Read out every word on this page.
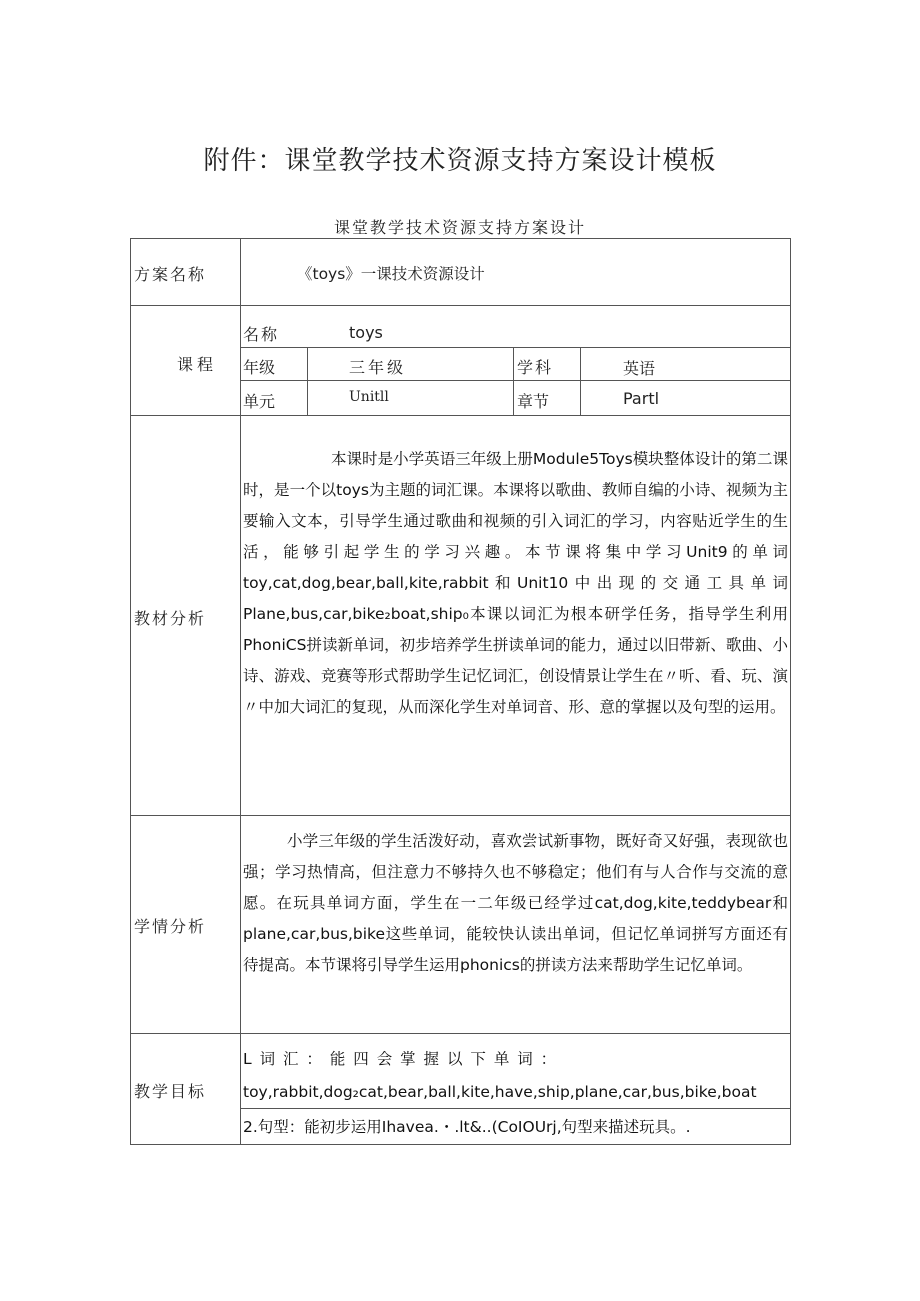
附件：课堂教学技术资源支持方案设计模板
课堂教学技术资源支持方案设计
方案名称	《toys》一课技术资源设计
课程
名称	toys
年级	三年级	学科	英语
单元	Unitll	章节	Partl
教材分析

本课时是小学英语三年级上册Module5Toys模块整体设计的第二课时，是一个以toys为主题的词汇课。本课将以歌曲、教师自编的小诗、视频为主要输入文本，引导学生通过歌曲和视频的引入词汇的学习，内容贴近学生的生活，能够引起学生的学习兴趣。本节课将集中学习Unit9的单词toy,cat,dog,bear,ball,kite,rabbit和Unit10中出现的交通工具单词Plane,bus,car,bike₂boat,ship₀本课以词汇为根本研学任务，指导学生利用PhoniCS拼读新单词，初步培养学生拼读单词的能力，通过以旧带新、歌曲、小诗、游戏、竞赛等形式帮助学生记忆词汇，创设情景让学生在〃听、看、玩、演〃中加大词汇的复现，从而深化学生对单词音、形、意的掌握以及句型的运用。

学情分析

小学三年级的学生活泼好动，喜欢尝试新事物，既好奇又好强，表现欲也强；学习热情高，但注意力不够持久也不够稳定；他们有与人合作与交流的意愿。在玩具单词方面，学生在一二年级已经学过cat,dog,kite,teddybear和plane,car,bus,bike这些单词，能较快认读出单词，但记忆单词拼写方面还有待提高。本节课将引导学生运用phonics的拼读方法来帮助学生记忆单词。

教学目标
L 词 汇 ： 能 四 会 掌 握 以 下 单 词 ：
toy,rabbit,dog₂cat,bear,ball,kite,have,ship,plane,car,bus,bike,boat
2.句型：能初步运用Ihavea.・.lt&..(CoIOUrj,句型来描述玩具。.
